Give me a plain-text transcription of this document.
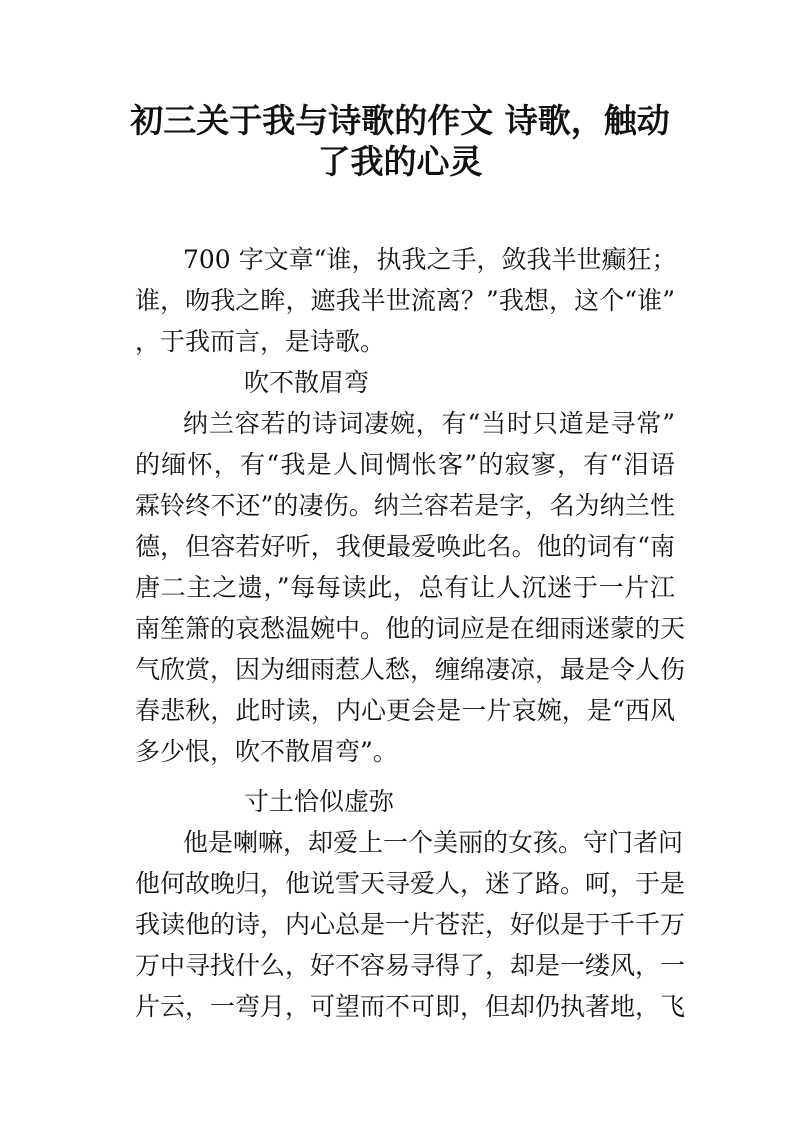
初三关于我与诗歌的作文 诗歌，触动
了我的心灵
700 字文章“谁，执我之手，敛我半世癫狂；
谁，吻我之眸，遮我半世流离？”我想，这个“谁”
，于我而言，是诗歌。
吹不散眉弯
纳兰容若的诗词凄婉，有“当时只道是寻常”
的缅怀，有“我是人间惆怅客”的寂寥，有“泪语
霖铃终不还”的凄伤。纳兰容若是字，名为纳兰性
德，但容若好听，我便最爱唤此名。他的词有“南
唐二主之遗，”每每读此，总有让人沉迷于一片江
南笙箫的哀愁温婉中。他的词应是在细雨迷蒙的天
气欣赏，因为细雨惹人愁，缠绵凄凉，最是令人伤
春悲秋，此时读，内心更会是一片哀婉，是“西风
多少恨，吹不散眉弯”。
寸土恰似虚弥
他是喇嘛，却爱上一个美丽的女孩。守门者问
他何故晚归，他说雪天寻爱人，迷了路。呵，于是
我读他的诗，内心总是一片苍茫，好似是于千千万
万中寻找什么，好不容易寻得了，却是一缕风，一
片云，一弯月，可望而不可即，但却仍执著地，飞
